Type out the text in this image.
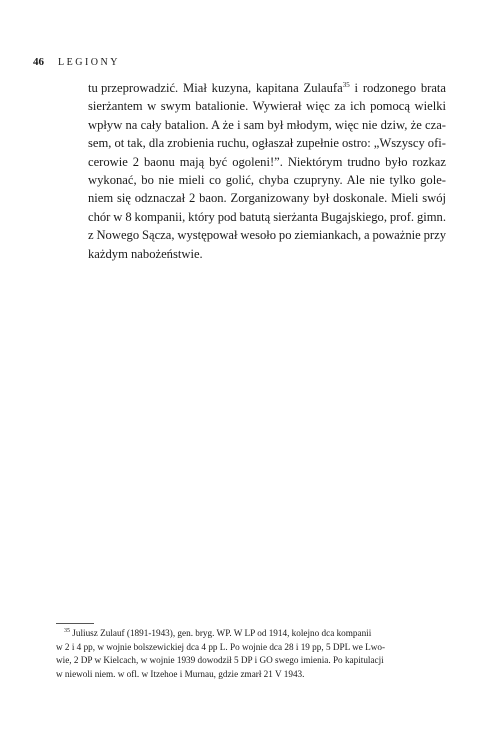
46 LEGIONY
tu przeprowadzić. Miał kuzyna, kapitana Zulaufa$^{35}$ i rodzonego brata
sierżantem w swym batalionie. Wywierał więc za ich pomocą wielki
wpływ na cały batalion. A że i sam był młodym, więc nie dziw, że cza-
sem, ot tak, dla zrobienia ruchu, ogłaszał zupełnie ostro: „Wszyscy ofi-
cerowie 2 baonu mają być ogoleni!”. Niektórym trudno było rozkaz
wykonać, bo nie mieli co golić, chyba czupryny. Ale nie tylko gole-
niem się odznaczał 2 baon. Zorganizowany był doskonale. Mieli swój
chór w 8 kompanii, który pod batutą sierżanta Bugajskiego, prof. gimn.
z Nowego Sącza, występował wesoło po ziemiankach, a poważnie przy
każdym nabożeństwie.
$^{35}$ Juliusz Zulauf (1891-1943), gen. bryg. WP. W LP od 1914, kolejno dca kompanii
w 2 i 4 pp, w wojnie bolszewickiej dca 4 pp L. Po wojnie dca 28 i 19 pp, 5 DPL we Lwo-
wie, 2 DP w Kielcach, w wojnie 1939 dowodził 5 DP i GO swego imienia. Po kapitulacji
w niewoli niem. w ofl. w Itzehoe i Murnau, gdzie zmarł 21 V 1943.
